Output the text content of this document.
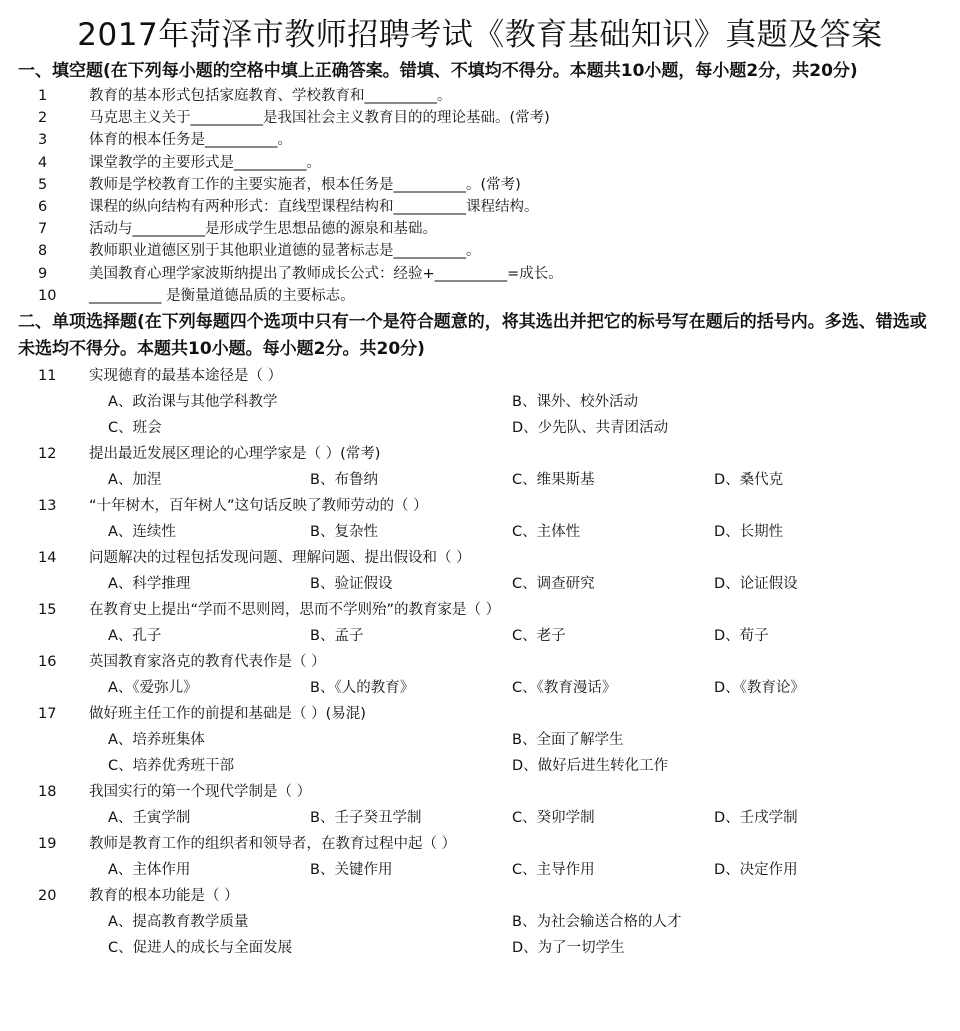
2017年菏泽市教师招聘考试《教育基础知识》真题及答案
一、填空题(在下列每小题的空格中填上正确答案。错填、不填均不得分。本题共10小题，每小题2分，共20分)
1	教育的基本形式包括家庭教育、学校教育和__________。
2	马克思主义关于__________是我国社会主义教育目的的理论基础。(常考)
3	体育的根本任务是__________。
4	课堂教学的主要形式是__________。
5	教师是学校教育工作的主要实施者，根本任务是__________。(常考)
6	课程的纵向结构有两种形式：直线型课程结构和__________课程结构。
7	活动与__________是形成学生思想品德的源泉和基础。
8	教师职业道德区别于其他职业道德的显著标志是__________。
9	美国教育心理学家波斯纳提出了教师成长公式：经验+__________=成长。
10	__________ 是衡量道德品质的主要标志。
二、单项选择题(在下列每题四个选项中只有一个是符合题意的，将其选出并把它的标号写在题后的括号内。多选、错选或未选均不得分。本题共10小题。每小题2分。共20分)
11	实现德育的最基本途径是（ ）
A、政治课与其他学科教学	B、课外、校外活动
C、班会	D、少先队、共青团活动
12	提出最近发展区理论的心理学家是（ ）(常考)
A、加涅	B、布鲁纳	C、维果斯基	D、桑代克
13	“十年树木，百年树人”这句话反映了教师劳动的（ ）
A、连续性	B、复杂性	C、主体性	D、长期性
14	问题解决的过程包括发现问题、理解问题、提出假设和（ ）
A、科学推理	B、验证假设	C、调查研究	D、论证假设
15	在教育史上提出“学而不思则罔，思而不学则殆”的教育家是（ ）
A、孔子	B、孟子	C、老子	D、荀子
16	英国教育家洛克的教育代表作是（ ）
A、《爱弥儿》	B、《人的教育》	C、《教育漫话》	D、《教育论》
17	做好班主任工作的前提和基础是（ ）(易混)
A、培养班集体	B、全面了解学生
C、培养优秀班干部	D、做好后进生转化工作
18	我国实行的第一个现代学制是（ ）
A、壬寅学制	B、壬子癸丑学制	C、癸卯学制	D、壬戌学制
19	教师是教育工作的组织者和领导者，在教育过程中起（ ）
A、主体作用	B、关键作用	C、主导作用	D、决定作用
20	教育的根本功能是（ ）
A、提高教育教学质量	B、为社会输送合格的人才
C、促进人的成长与全面发展	D、为了一切学生
